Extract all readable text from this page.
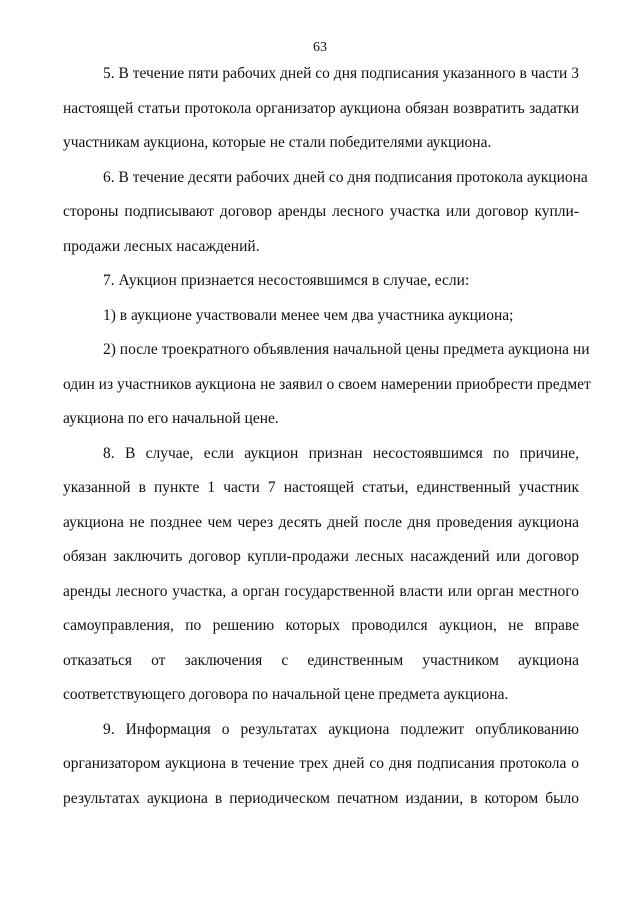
63

5. В течение пяти рабочих дней со дня подписания указанного в части 3
настоящей статьи протокола организатор аукциона обязан возвратить задатки
участникам аукциона, которые не стали победителями аукциона.

6. В течение десяти рабочих дней со дня подписания протокола аукциона
стороны подписывают договор аренды лесного участка или договор купли-
продажи лесных насаждений.

7. Аукцион признается несостоявшимся в случае, если:

1) в аукционе участвовали менее чем два участника аукциона;

2) после троекратного объявления начальной цены предмета аукциона ни
один из участников аукциона не заявил о своем намерении приобрести предмет
аукциона по его начальной цене.

8. В случае, если аукцион признан несостоявшимся по причине,
указанной в пункте 1 части 7 настоящей статьи, единственный участник
аукциона не позднее чем через десять дней после дня проведения аукциона
обязан заключить договор купли-продажи лесных насаждений или договор
аренды лесного участка, а орган государственной власти или орган местного
самоуправления, по решению которых проводился аукцион, не вправе
отказаться от заключения с единственным участником аукциона
соответствующего договора по начальной цене предмета аукциона.

9. Информация о результатах аукциона подлежит опубликованию
организатором аукциона в течение трех дней со дня подписания протокола о
результатах аукциона в периодическом печатном издании, в котором было
